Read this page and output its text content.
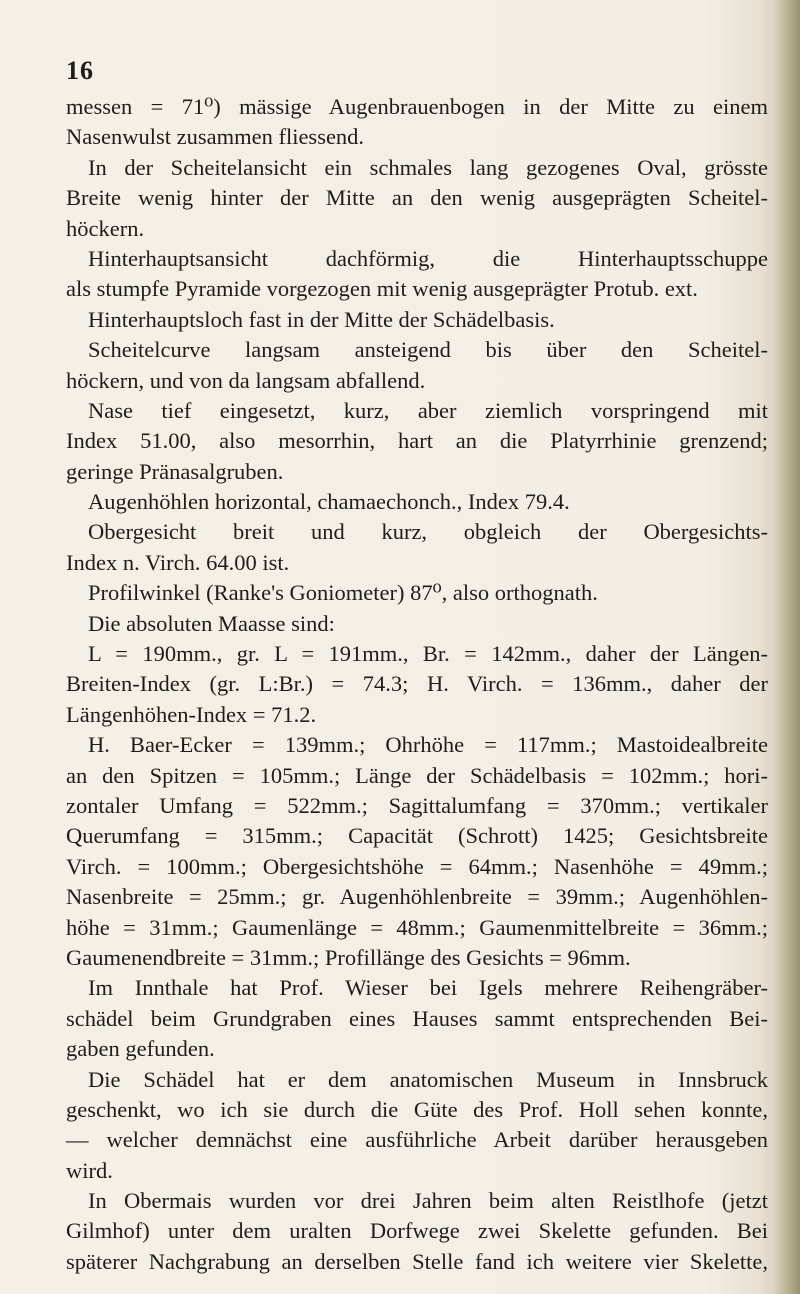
16
messen = 71⁰) mässige Augenbrauenbogen in der Mitte zu einem
Nasenwulst zusammen fliessend.
In der Scheitelansicht ein schmales lang gezogenes Oval, grösste
Breite wenig hinter der Mitte an den wenig ausgeprägten Scheitel-
höckern.
Hinterhauptsansicht dachförmig, die Hinterhauptsschuppe
als stumpfe Pyramide vorgezogen mit wenig ausgeprägter Protub. ext.
Hinterhauptsloch fast in der Mitte der Schädelbasis.
Scheitelcurve langsam ansteigend bis über den Scheitel-
höckern, und von da langsam abfallend.
Nase tief eingesetzt, kurz, aber ziemlich vorspringend mit
Index 51.00, also mesorrhin, hart an die Platyrrhinie grenzend;
geringe Pränasalgruben.
Augenhöhlen horizontal, chamaechonch., Index 79.4.
Obergesicht breit und kurz, obgleich der Obergesichts-
Index n. Virch. 64.00 ist.
Profilwinkel (Ranke's Goniometer) 87⁰, also orthognath.
Die absoluten Maasse sind:
L = 190mm., gr. L = 191mm., Br. = 142mm., daher der Längen-
Breiten-Index (gr. L:Br.) = 74.3; H. Virch. = 136mm., daher der
Längenhöhen-Index = 71.2.
H. Baer-Ecker = 139mm.; Ohrhöhe = 117mm.; Mastoidealbreite
an den Spitzen = 105mm.; Länge der Schädelbasis = 102mm.; hori-
zontaler Umfang = 522mm.; Sagittalumfang = 370mm.; vertikaler
Querumfang = 315mm.; Capacität (Schrott) 1425; Gesichtsbreite
Virch. = 100mm.; Obergesichtshöhe = 64mm.; Nasenhöhe = 49mm.;
Nasenbreite = 25mm.; gr. Augenhöhlenbreite = 39mm.; Augenhöhlen-
höhe = 31mm.; Gaumenlänge = 48mm.; Gaumenmittelbreite = 36mm.;
Gaumenendbreite = 31mm.; Profillänge des Gesichts = 96mm.
Im Innthale hat Prof. Wieser bei Igels mehrere Reihengräber-
schädel beim Grundgraben eines Hauses sammt entsprechenden Bei-
gaben gefunden.
Die Schädel hat er dem anatomischen Museum in Innsbruck
geschenkt, wo ich sie durch die Güte des Prof. Holl sehen konnte,
— welcher demnächst eine ausführliche Arbeit darüber herausgeben
wird.
In Obermais wurden vor drei Jahren beim alten Reistlhofe (jetzt
Gilmhof) unter dem uralten Dorfwege zwei Skelette gefunden. Bei
späterer Nachgrabung an derselben Stelle fand ich weitere vier Skelette,
